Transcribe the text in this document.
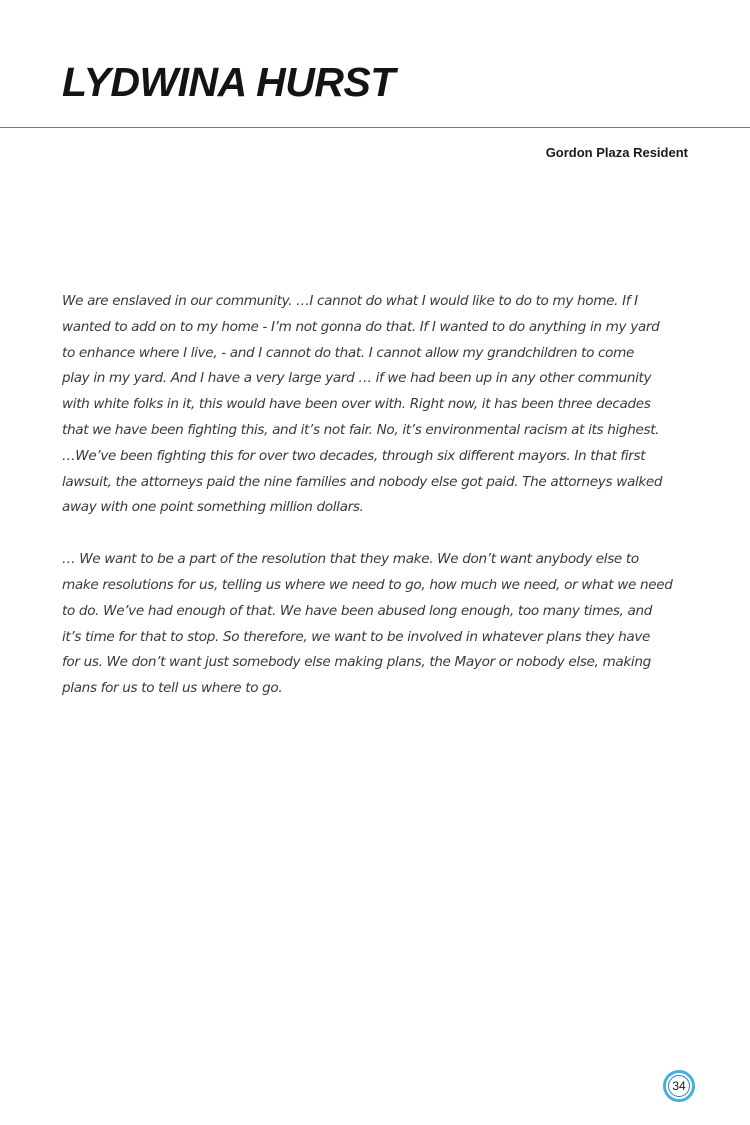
LYDWINA HURST
Gordon Plaza Resident

We are enslaved in our community. …I cannot do what I would like to do to my home. If I
wanted to add on to my home - I’m not gonna do that. If I wanted to do anything in my yard
to enhance where I live, - and I cannot do that. I cannot allow my grandchildren to come
play in my yard. And I have a very large yard … if we had been up in any other community
with white folks in it, this would have been over with. Right now, it has been three decades
that we have been fighting this, and it’s not fair. No, it’s environmental racism at its highest.
…We’ve been fighting this for over two decades, through six different mayors. In that first
lawsuit, the attorneys paid the nine families and nobody else got paid. The attorneys walked
away with one point something million dollars.

… We want to be a part of the resolution that they make. We don’t want anybody else to
make resolutions for us, telling us where we need to go, how much we need, or what we need
to do. We’ve had enough of that. We have been abused long enough, too many times, and
it’s time for that to stop. So therefore, we want to be involved in whatever plans they have
for us. We don’t want just somebody else making plans, the Mayor or nobody else, making
plans for us to tell us where to go.

34
